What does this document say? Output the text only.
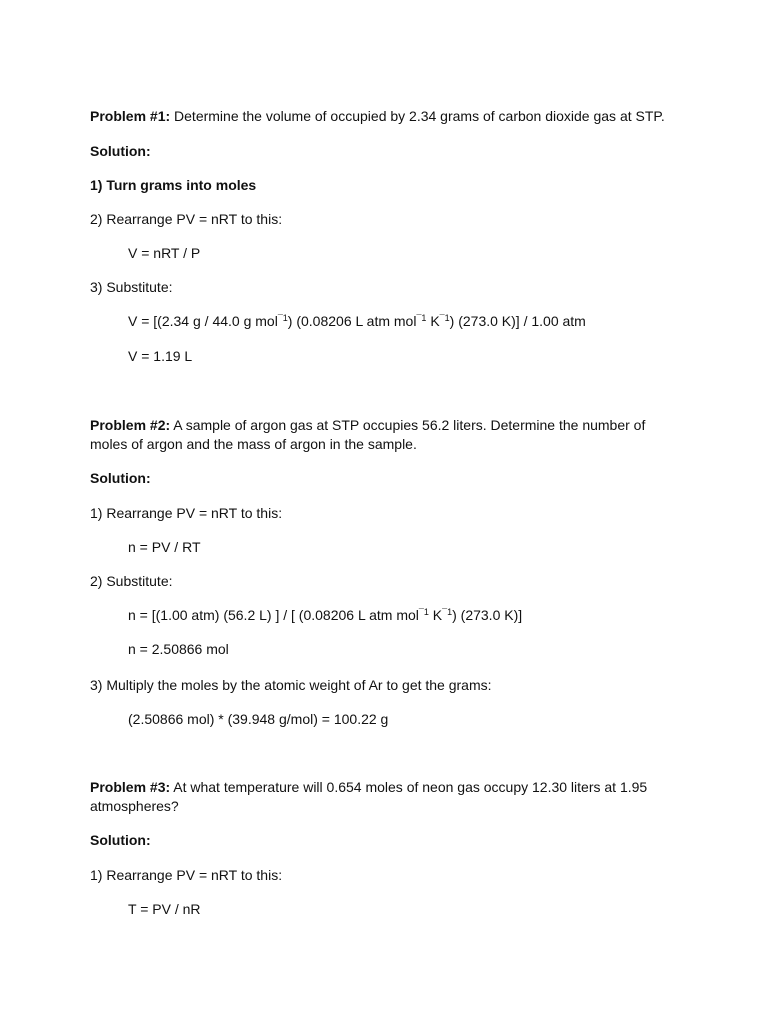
Problem #1: Determine the volume of occupied by 2.34 grams of carbon dioxide gas at STP.
Solution:
1) Turn grams into moles
2) Rearrange PV = nRT to this:
V = nRT / P
3) Substitute:
V = [(2.34 g / 44.0 g mol$^{¯1}$) (0.08206 L atm mol$^{¯1}$ $K^{¯1}$) (273.0 K)] / 1.00 atm
V = 1.19 L
Problem #2: A sample of argon gas at STP occupies 56.2 liters. Determine the number of moles of argon and the mass of argon in the sample.
Solution:
1) Rearrange PV = nRT to this:
n = PV / RT
2) Substitute:
n = [(1.00 atm) (56.2 L) ] / [ (0.08206 L atm mol$^{¯1}$ $K^{¯1}$) (273.0 K)]
n = 2.50866 mol
3) Multiply the moles by the atomic weight of Ar to get the grams:
(2.50866 mol) * (39.948 g/mol) = 100.22 g
Problem #3: At what temperature will 0.654 moles of neon gas occupy 12.30 liters at 1.95 atmospheres?
Solution:
1) Rearrange PV = nRT to this:
T = PV / nR
